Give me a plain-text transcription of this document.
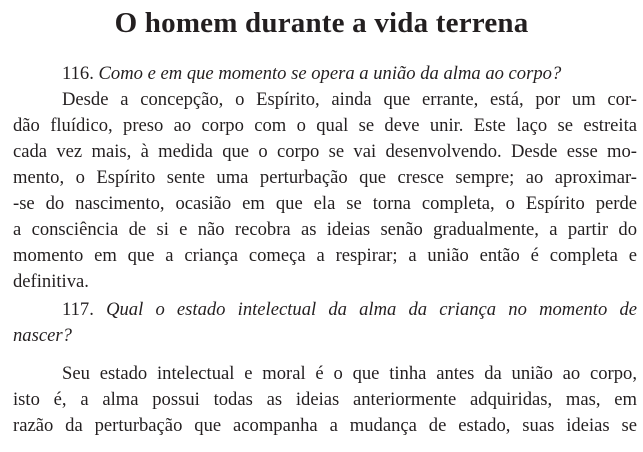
O homem durante a vida terrena
116. Como e em que momento se opera a união da alma ao corpo?
Desde a concepção, o Espírito, ainda que errante, está, por um cor-
dão fluídico, preso ao corpo com o qual se deve unir. Este laço se estreita
cada vez mais, à medida que o corpo se vai desenvolvendo. Desde esse mo-
mento, o Espírito sente uma perturbação que cresce sempre; ao aproximar-
-se do nascimento, ocasião em que ela se torna completa, o Espírito perde
a consciência de si e não recobra as ideias senão gradualmente, a partir do
momento em que a criança começa a respirar; a união então é completa e
definitiva.
117. Qual o estado intelectual da alma da criança no momento de
nascer?
Seu estado intelectual e moral é o que tinha antes da união ao corpo,
isto é, a alma possui todas as ideias anteriormente adquiridas, mas, em
razão da perturbação que acompanha a mudança de estado, suas ideias se
